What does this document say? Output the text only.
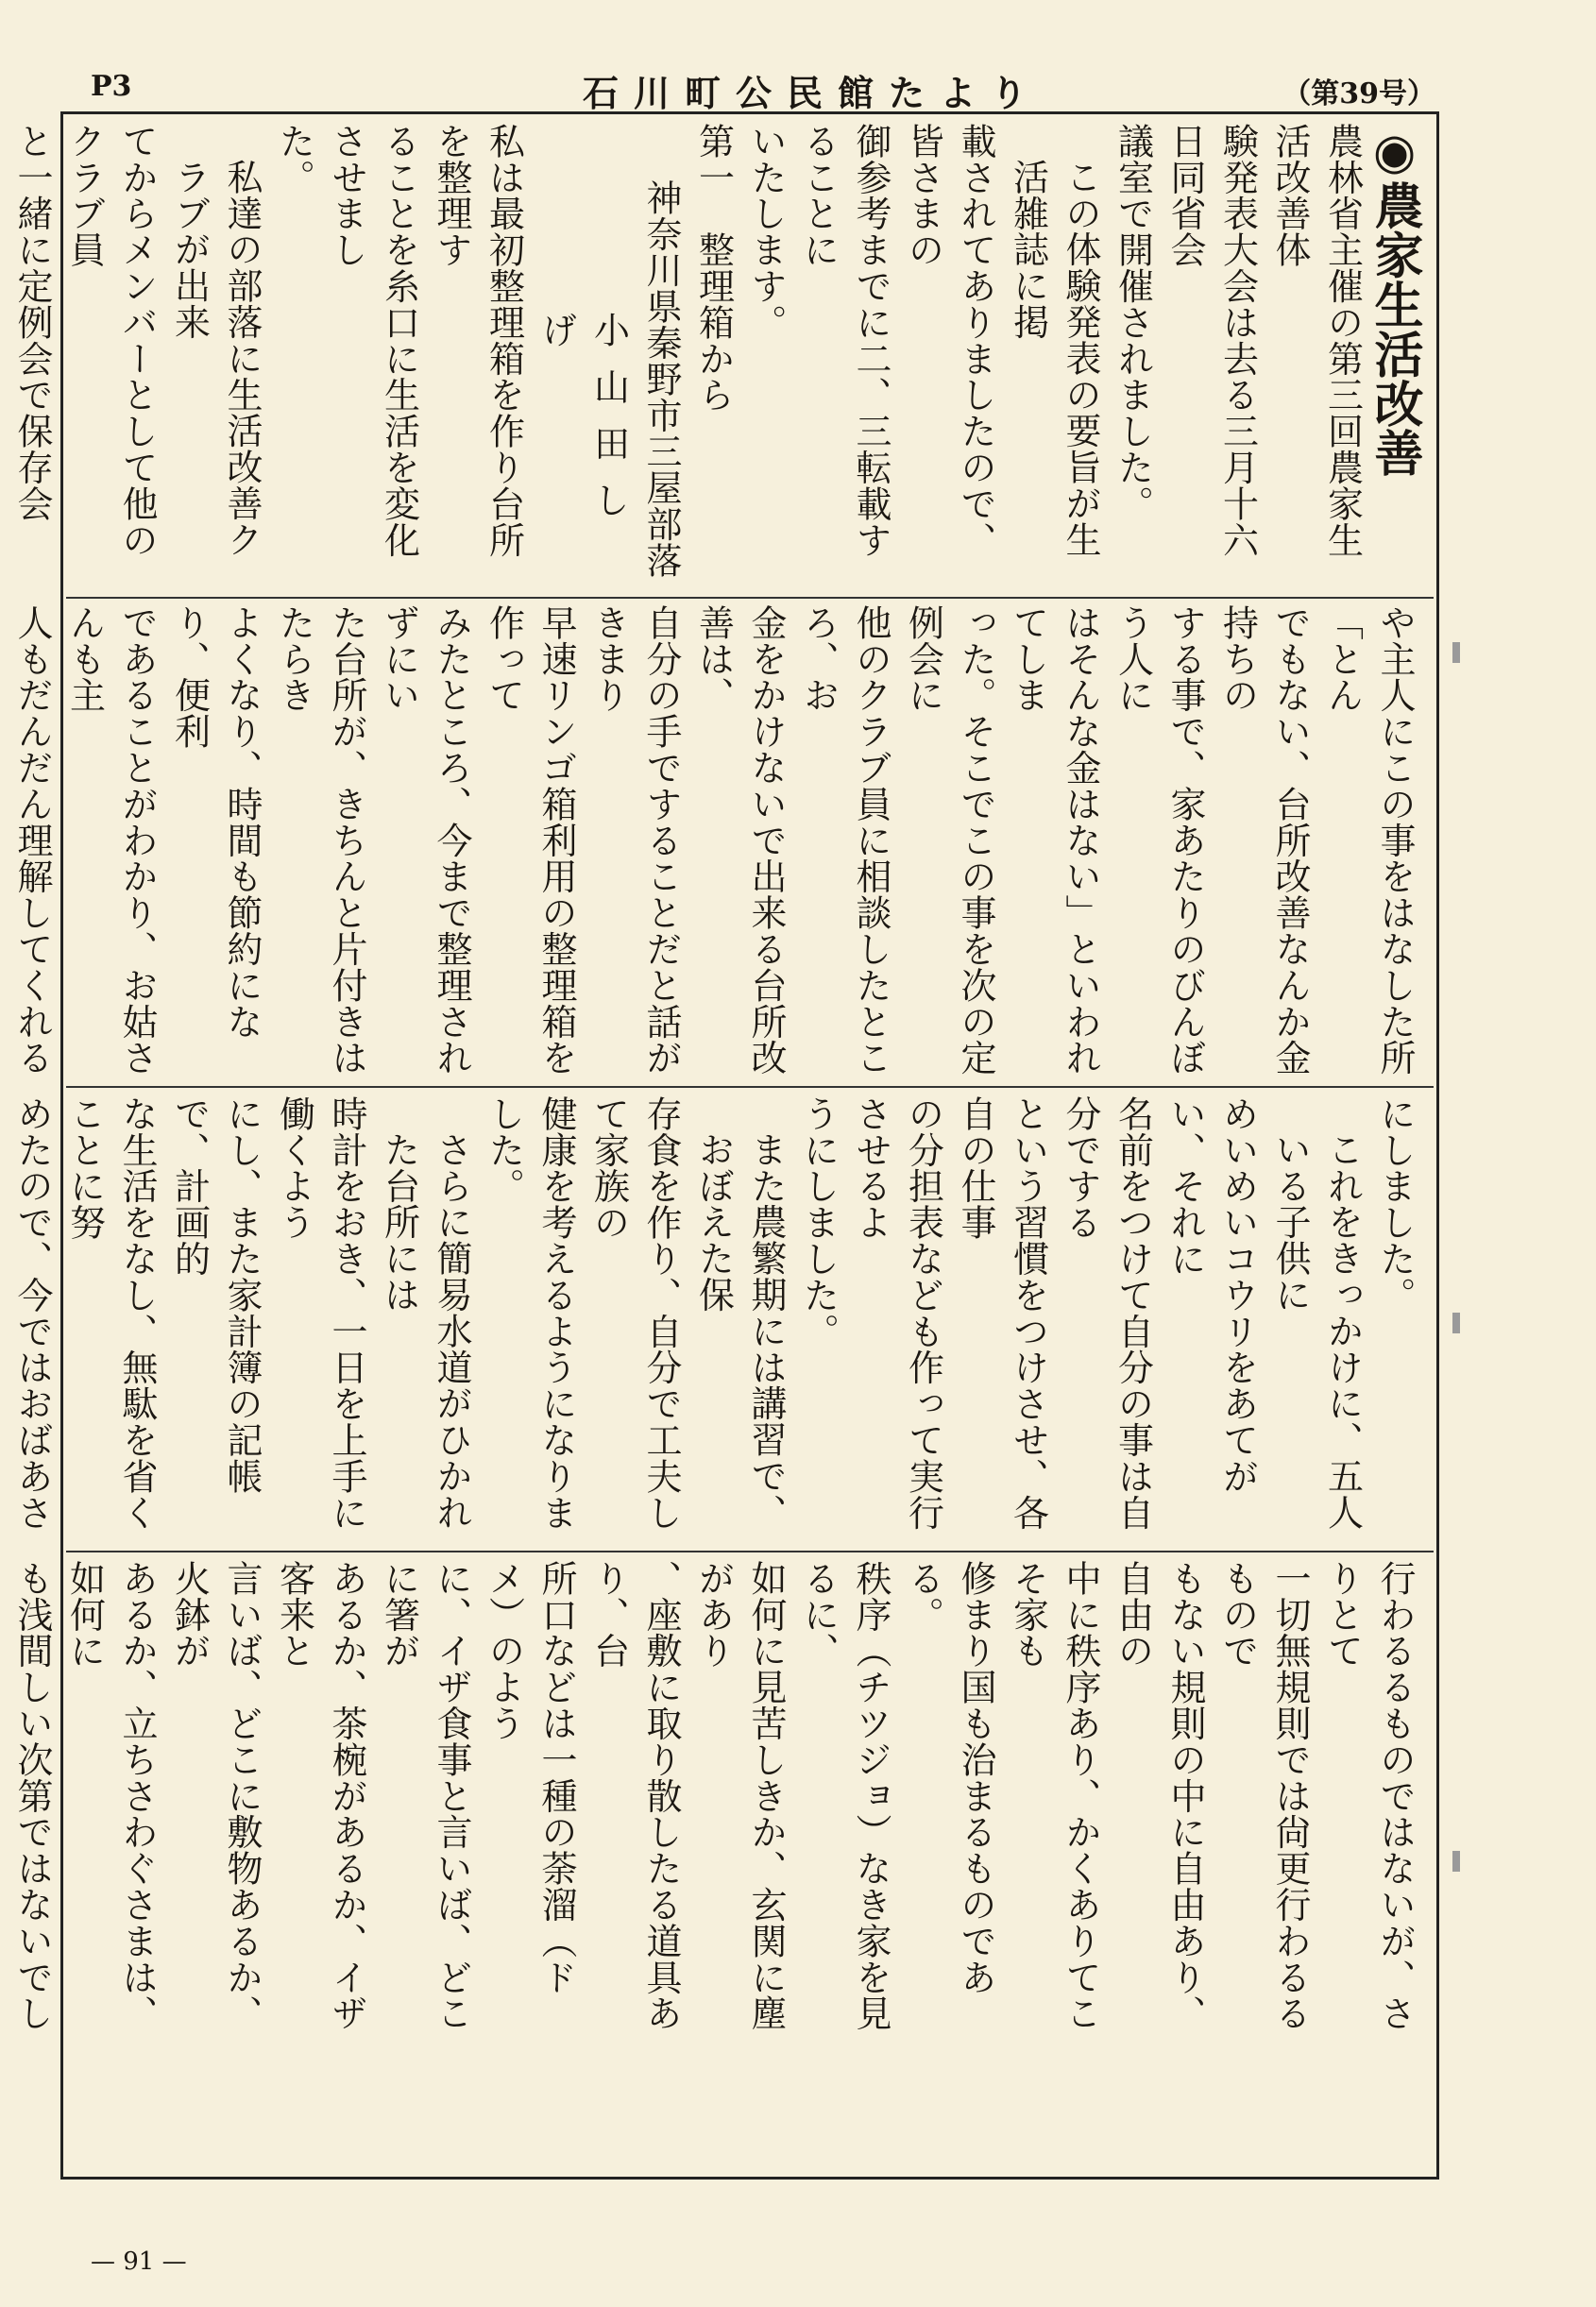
P3	石川町公民館たより	（第39号）

◉農家生活改善

農林省主催の第三回農家生活改善体

験発表大会は去る三月十六日同省会

議室で開催されました。

この体験発表の要旨が生活雑誌に掲

載されてありましたので、皆さまの

御参考までに二、三転載することに

いたします。

第一　整理箱から

神奈川県秦野市三屋部落

小山田しげ

私は最初整理箱を作り台所を整理す

ることを糸口に生活を変化させまし

た。

私達の部落に生活改善クラブが出来

てからメンバーとして他のクラブ員

と一緒に定例会で保存会

や主人にこの事をはなした所「とん

でもない、台所改善なんか金持ちの

する事で、家あたりのびんぼう人に

はそんな金はない」といわれてしま

った。そこでこの事を次の定例会に

他のクラブ員に相談したところ、お

金をかけないで出来る台所改善は、

自分の手ですることだと話がきまり

早速リンゴ箱利用の整理箱を作って

みたところ、今まで整理されずにい

た台所が、きちんと片付きはたらき

よくなり、時間も節約になり、便利

であることがわかり、お姑さんも主

人もだんだん理解してくれる

にしました。

これをきっかけに、五人いる子供に

めいめいコウリをあてがい、それに

名前をつけて自分の事は自分でする

という習慣をつけさせ、各自の仕事

の分担表なども作って実行させるよ

うにしました。

また農繁期には講習で、おぼえた保

存食を作り、自分で工夫して家族の

健康を考えるようになりました。

さらに簡易水道がひかれた台所には

時計をおき、一日を上手に働くよう

にし、また家計簿の記帳で、計画的

な生活をなし、無駄を省くことに努

めたので、今ではおばあさ

行わるるものではないが、さりとて

一切無規則では尙更行わるるもので

もない規則の中に自由あり、自由の

中に秩序あり、かくありてこそ家も

修まり国も治まるものである。

秩序（チツジョ）なき家を見るに、

如何に見苦しきか、玄関に塵があり

、座敷に取り散したる道具あり、台

所口などは一種の荼溜（ドメ）のよう

に、イザ食事と言いば、どこに箸が

あるか、茶椀があるか、イザ客来と

言いば、どこに敷物あるか、火鉢が

あるか、立ちさわぐさまは、如何に

も浅間しい次第ではないでし

— 91 —
